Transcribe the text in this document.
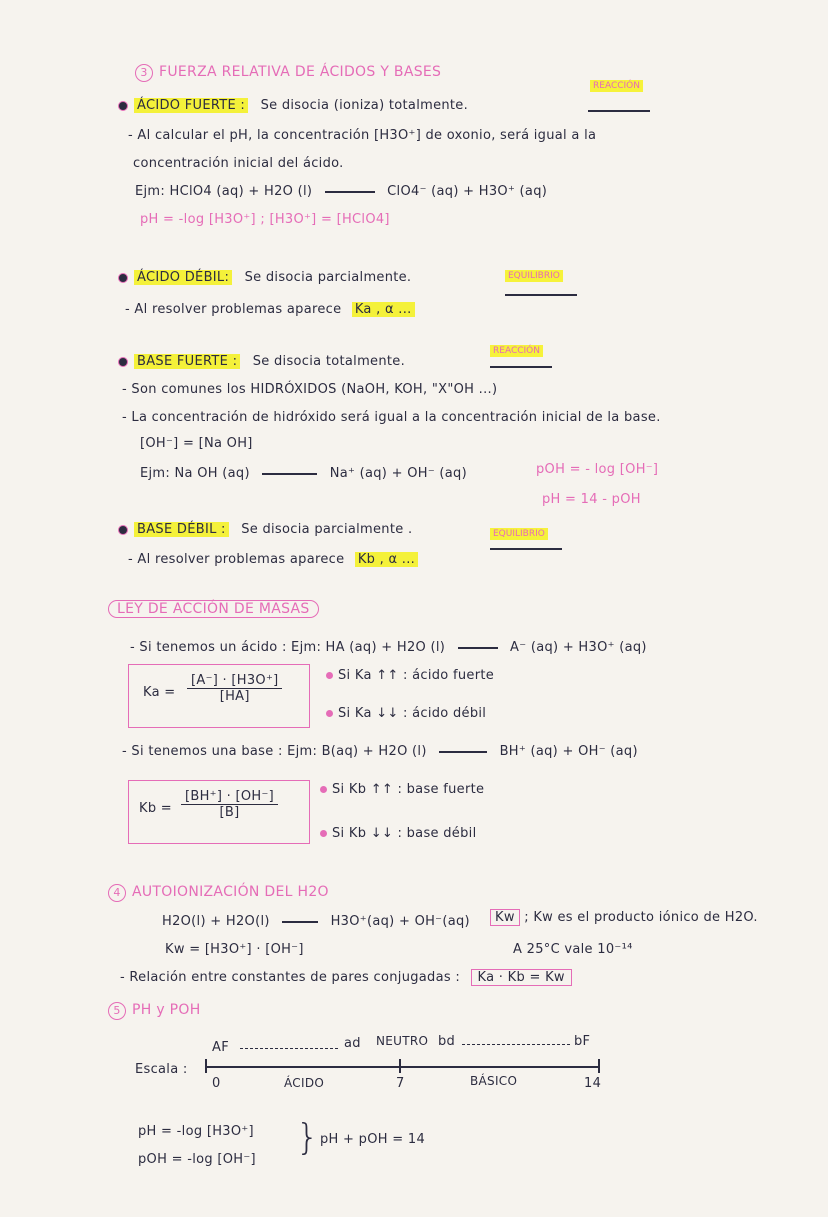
3 FUERZA RELATIVA DE ÁCIDOS Y BASES
REACCIÓN
ÁCIDO FUERTE : Se disocia (ioniza) totalmente.
- Al calcular el pH, la concentración [H3O⁺] de oxonio, será igual a la
concentración inicial del ácido.
Ejm: HClO4 (aq) + H2O (l)	ClO4⁻ (aq) + H3O⁺ (aq)
pH = -log [H3O⁺] ; [H3O⁺] = [HClO4]
ÁCIDO DÉBIL: Se disocia parcialmente.	EQUILIBRIO
- Al resolver problemas aparece Ka , α ...
REACCIÓN
BASE FUERTE : Se disocia totalmente.
- Son comunes los HIDRÓXIDOS (NaOH, KOH, "X"OH ...)
- La concentración de hidróxido será igual a la concentración inicial de la base.
[OH⁻] = [Na OH]
Ejm: Na OH (aq)	Na⁺ (aq) + OH⁻ (aq)	pOH = - log [OH⁻]
pH = 14 - pOH
BASE DÉBIL : Se disocia parcialmente .	EQUILIBRIO
- Al resolver problemas aparece Kb , α ...
LEY DE ACCIÓN DE MASAS
- Si tenemos un ácido : Ejm: HA (aq) + H2O (l)	A⁻ (aq) + H3O⁺ (aq)
$Ka = \frac{[A^-] \cdot [H3O^+]}{[HA]}$	Si Ka ↑↑ : ácido fuerte
Si Ka ↓↓ : ácido débil
- Si tenemos una base : Ejm: B(aq) + H2O (l)	BH⁺ (aq) + OH⁻ (aq)
$Kb = \frac{[BH^+] \cdot [OH^-]}{[B]}$	Si Kb ↑↑ : base fuerte
Si Kb ↓↓ : base débil
4 AUTOIONIZACIÓN DEL H2O
H2O(l) + H2O(l)	H3O⁺(aq) + OH⁻(aq)	Kw ; Kw es el producto iónico de H2O.
Kw = [H3O⁺] · [OH⁻]	A 25°C vale 10⁻¹⁴
- Relación entre constantes de pares conjugadas : Ka · Kb = Kw
5 PH y POH
AF	ad NEUTRO bd	bF
Escala :
0	ÁCIDO	7	BÁSICO	14
pH = -log [H3O⁺]
pOH = -log [OH⁻]
} pH + pOH = 14
